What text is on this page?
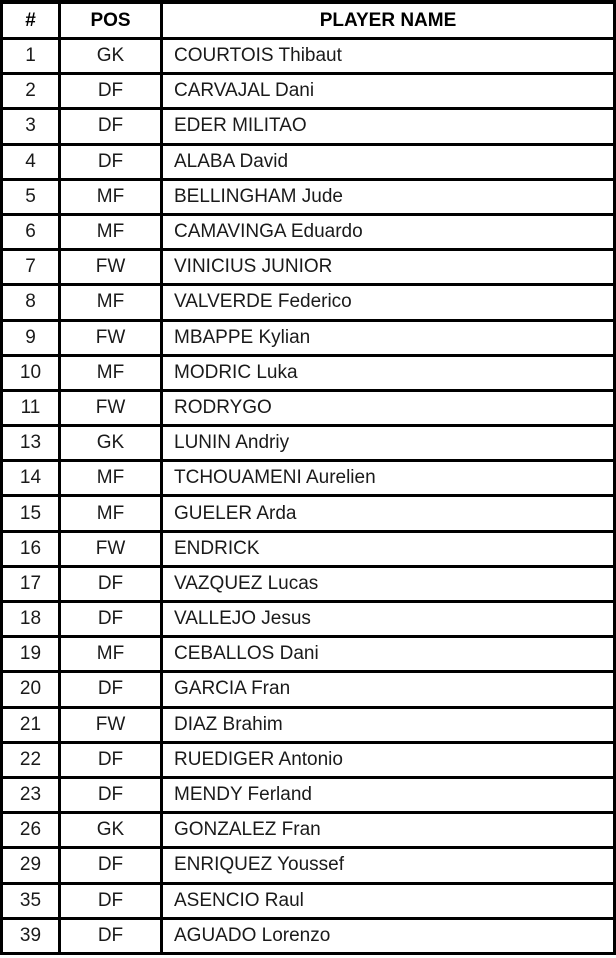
#	POS	PLAYER NAME
1	GK	COURTOIS Thibaut
2	DF	CARVAJAL Dani
3	DF	EDER MILITAO
4	DF	ALABA David
5	MF	BELLINGHAM Jude
6	MF	CAMAVINGA Eduardo
7	FW	VINICIUS JUNIOR
8	MF	VALVERDE Federico
9	FW	MBAPPE Kylian
10	MF	MODRIC Luka
11	FW	RODRYGO
13	GK	LUNIN Andriy
14	MF	TCHOUAMENI Aurelien
15	MF	GUELER Arda
16	FW	ENDRICK
17	DF	VAZQUEZ Lucas
18	DF	VALLEJO Jesus
19	MF	CEBALLOS Dani
20	DF	GARCIA Fran
21	FW	DIAZ Brahim
22	DF	RUEDIGER Antonio
23	DF	MENDY Ferland
26	GK	GONZALEZ Fran
29	DF	ENRIQUEZ Youssef
35	DF	ASENCIO Raul
39	DF	AGUADO Lorenzo
